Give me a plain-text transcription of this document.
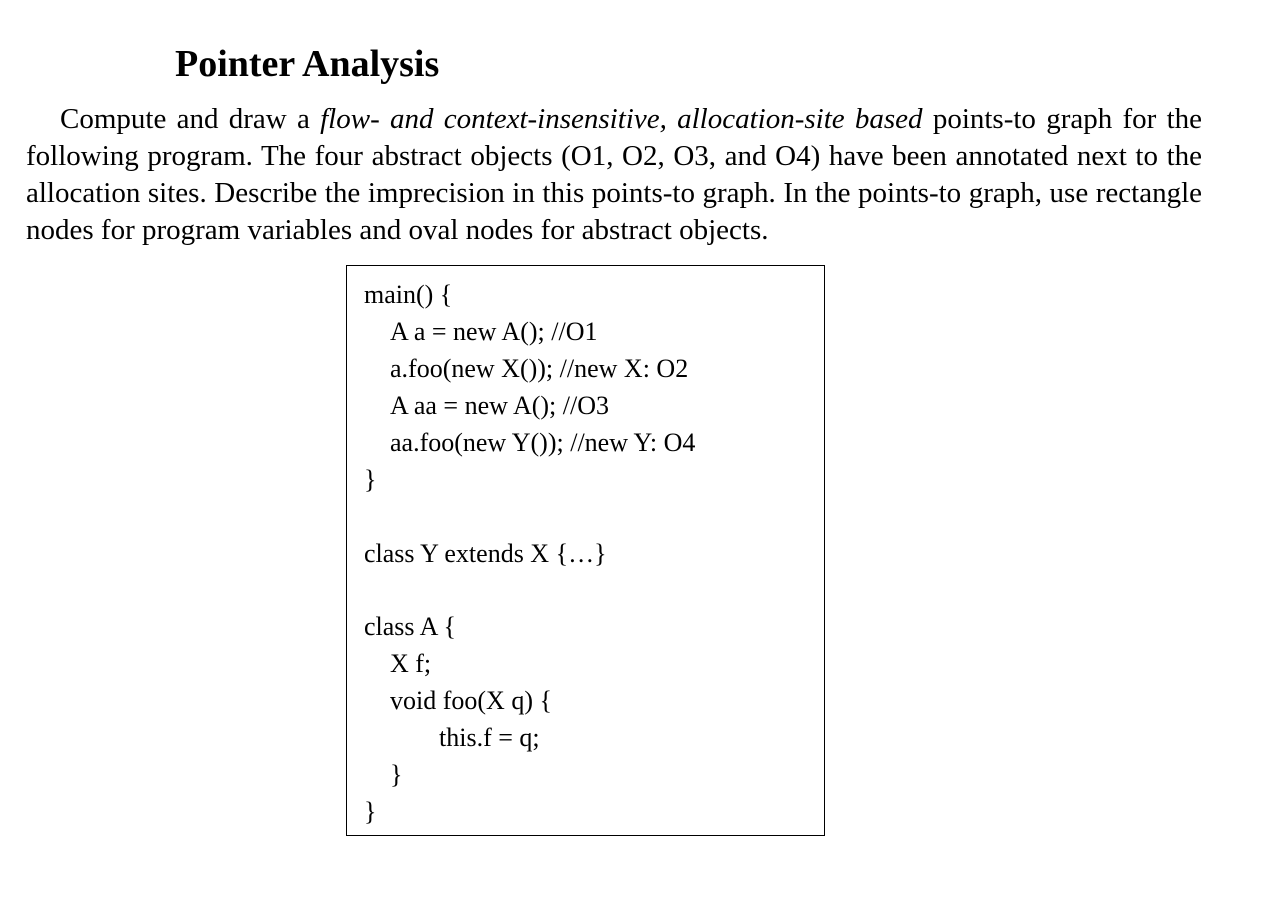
Pointer Analysis

Compute and draw a flow- and context-insensitive, allocation-site based points-to graph for the following program. The four abstract objects (O1, O2, O3, and O4) have been annotated next to the allocation sites. Describe the imprecision in this points-to graph. In the points-to graph, use rectangle nodes for program variables and oval nodes for abstract objects.

main() {
A a = new A(); //O1
a.foo(new X()); //new X: O2
A aa = new A(); //O3
aa.foo(new Y()); //new Y: O4
}
class Y extends X {…}
class A {
X f;
void foo(X q) {
this.f = q;
}
}
